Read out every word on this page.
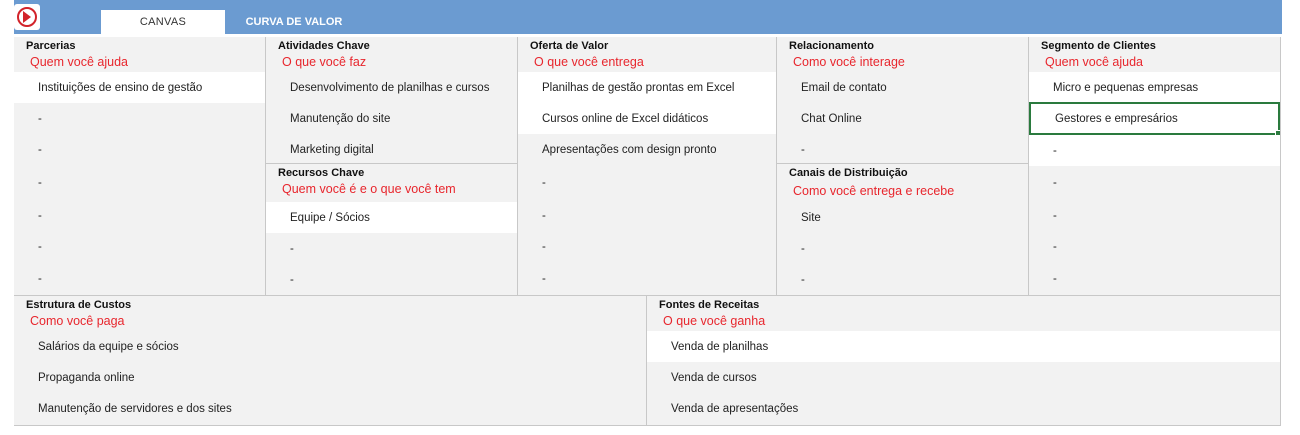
CANVAS	CURVA DE VALOR
Parcerias
Quem você ajuda
Instituições de ensino de gestão
-
-
-
-
-
-
Atividades Chave
O que você faz
Desenvolvimento de planilhas e cursos
Manutenção do site
Marketing digital
Recursos Chave
Quem você é e o que você tem
Equipe / Sócios
-
-
Oferta de Valor
O que você entrega
Planilhas de gestão prontas em Excel
Cursos online de Excel didáticos
Apresentações com design pronto
-
-
-
-
Relacionamento
Como você interage
Email de contato
Chat Online
-
Canais de Distribuição
Como você entrega e recebe
Site
-
-
Segmento de Clientes
Quem você ajuda
Micro e pequenas empresas
Gestores e empresários
-
-
-
-
-
Estrutura de Custos
Como você paga
Salários da equipe e sócios
Propaganda online
Manutenção de servidores e dos sites
Fontes de Receitas
O que você ganha
Venda de planilhas
Venda de cursos
Venda de apresentações
